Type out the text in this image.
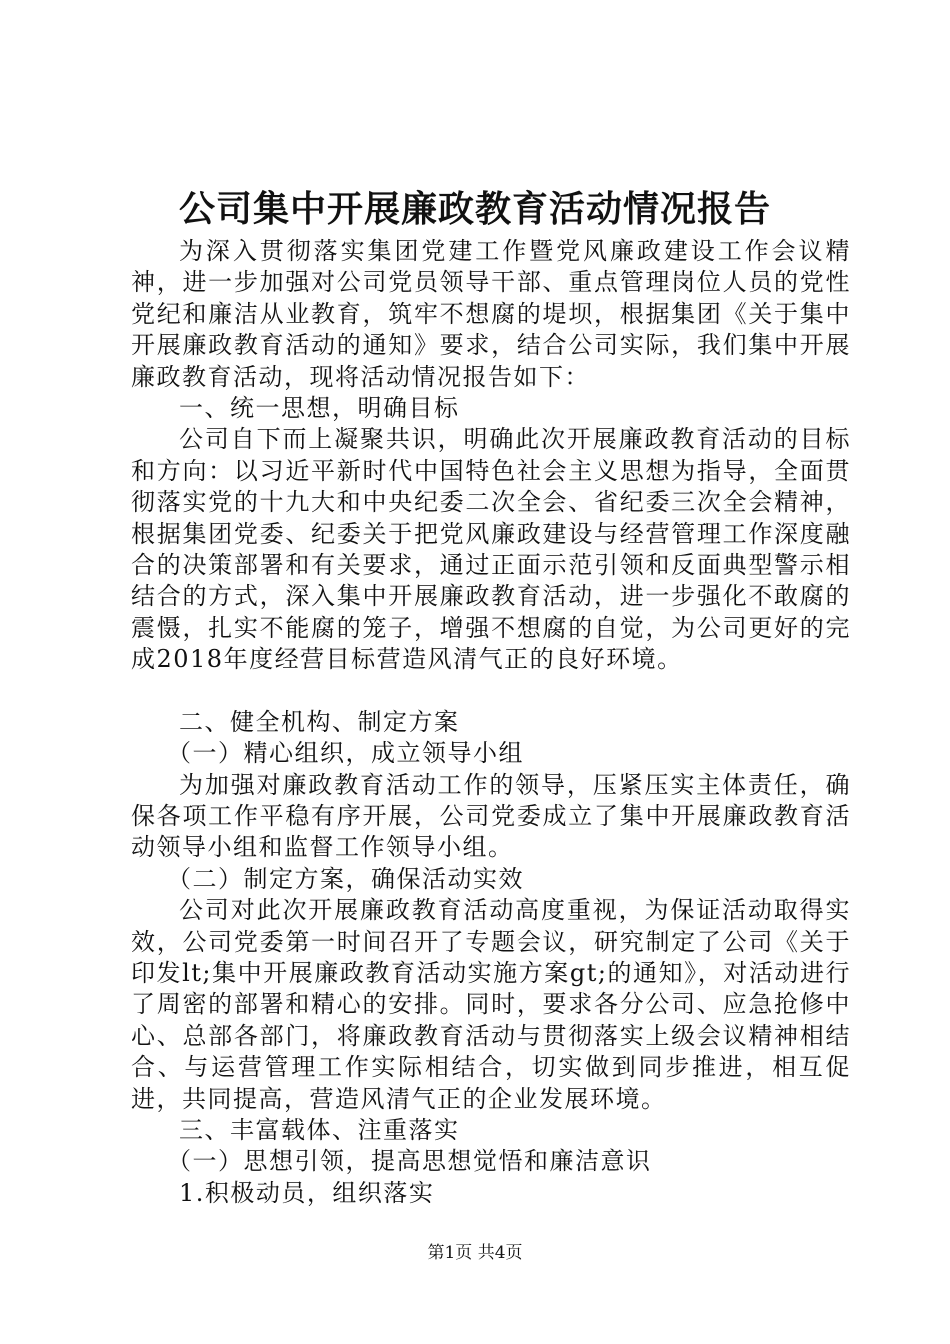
公司集中开展廉政教育活动情况报告

为深入贯彻落实集团党建工作暨党风廉政建设工作会议精神，进一步加强对公司党员领导干部、重点管理岗位人员的党性党纪和廉洁从业教育，筑牢不想腐的堤坝，根据集团《关于集中开展廉政教育活动的通知》要求，结合公司实际，我们集中开展廉政教育活动，现将活动情况报告如下：

一、统一思想，明确目标

公司自下而上凝聚共识，明确此次开展廉政教育活动的目标和方向：以习近平新时代中国特色社会主义思想为指导，全面贯彻落实党的十九大和中央纪委二次全会、省纪委三次全会精神，根据集团党委、纪委关于把党风廉政建设与经营管理工作深度融合的决策部署和有关要求，通过正面示范引领和反面典型警示相结合的方式，深入集中开展廉政教育活动，进一步强化不敢腐的震慑，扎实不能腐的笼子，增强不想腐的自觉，为公司更好的完成2018年度经营目标营造风清气正的良好环境。

二、健全机构、制定方案

（一）精心组织，成立领导小组

为加强对廉政教育活动工作的领导，压紧压实主体责任，确保各项工作平稳有序开展，公司党委成立了集中开展廉政教育活动领导小组和监督工作领导小组。

（二）制定方案，确保活动实效

公司对此次开展廉政教育活动高度重视，为保证活动取得实效，公司党委第一时间召开了专题会议，研究制定了公司《关于印发lt;集中开展廉政教育活动实施方案gt;的通知》，对活动进行了周密的部署和精心的安排。同时，要求各分公司、应急抢修中心、总部各部门，将廉政教育活动与贯彻落实上级会议精神相结合、与运营管理工作实际相结合，切实做到同步推进，相互促进，共同提高，营造风清气正的企业发展环境。

三、丰富载体、注重落实

（一）思想引领，提高思想觉悟和廉洁意识

1.积极动员，组织落实

第1页 共4页
